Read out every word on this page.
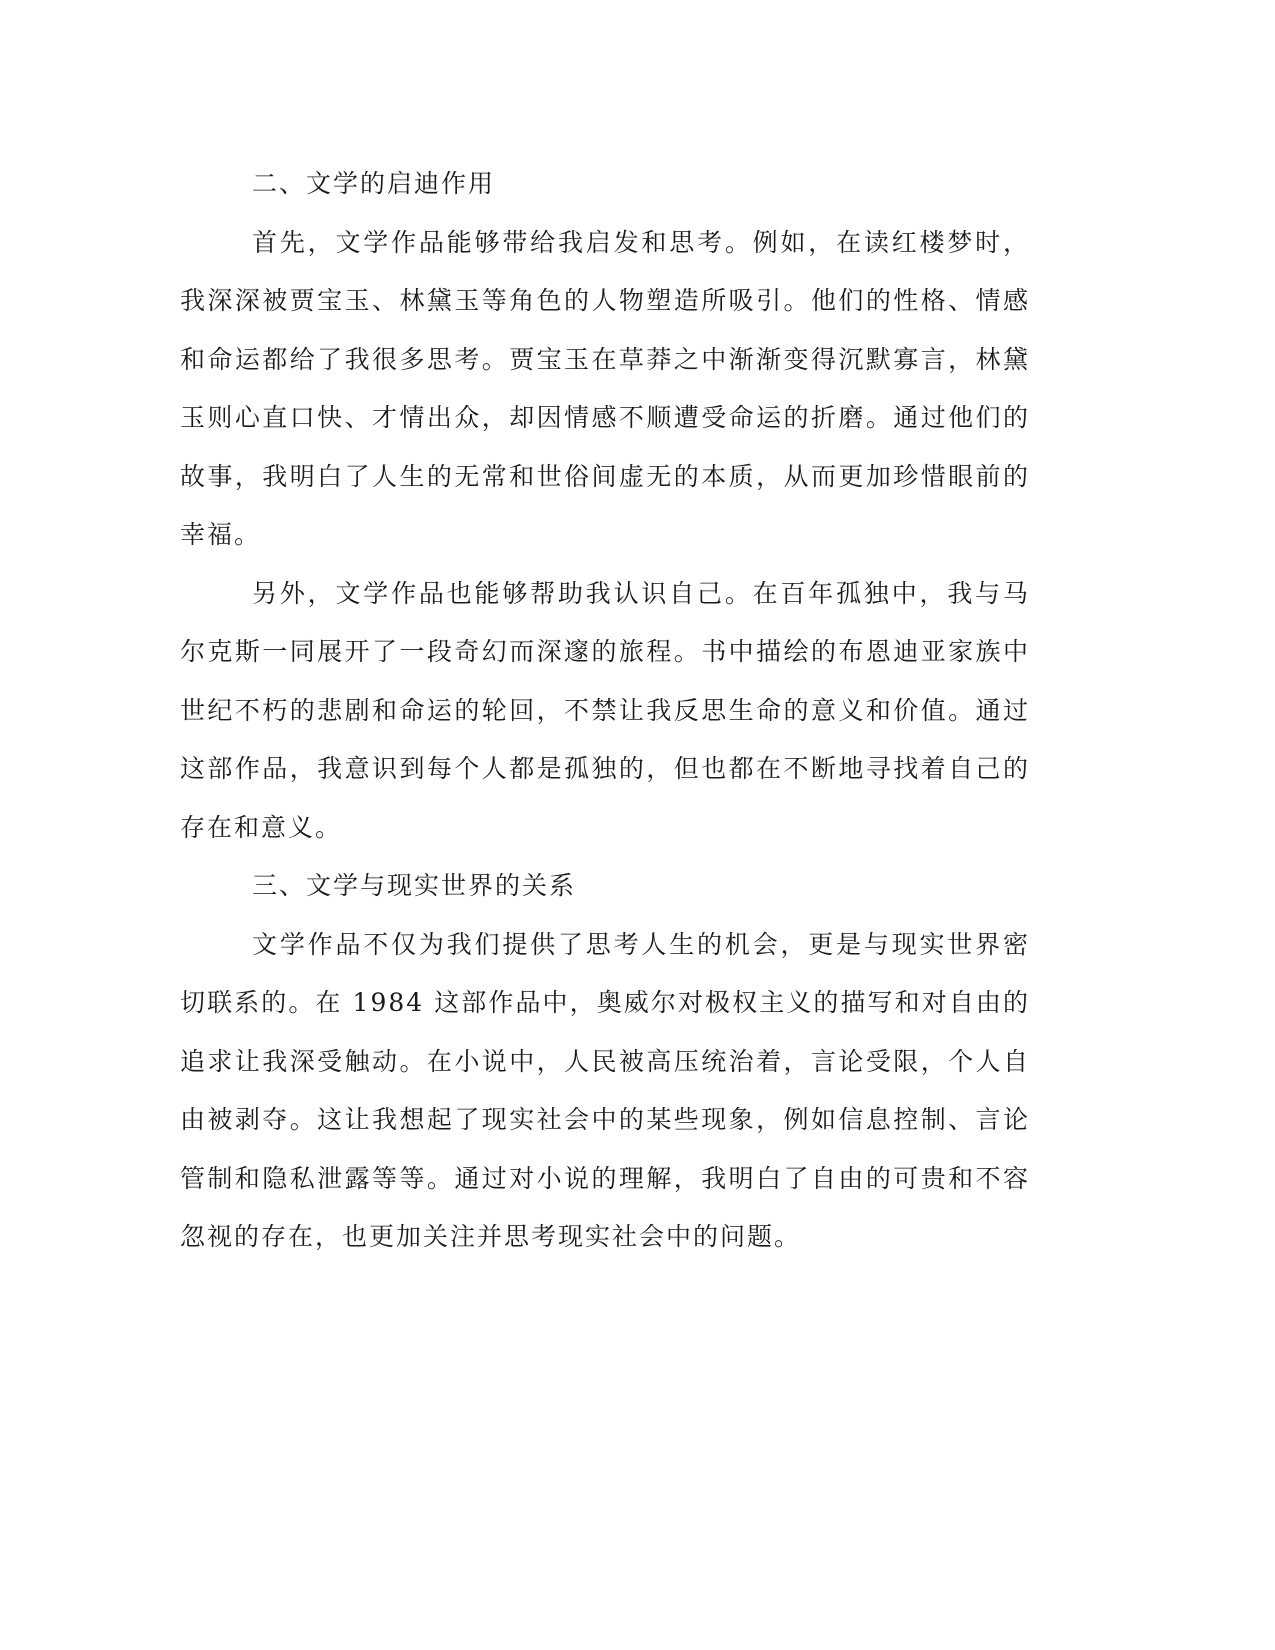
二、文学的启迪作用

首先，文学作品能够带给我启发和思考。例如，在读红楼梦时，我深深被贾宝玉、林黛玉等角色的人物塑造所吸引。他们的性格、情感和命运都给了我很多思考。贾宝玉在草莽之中渐渐变得沉默寡言，林黛玉则心直口快、才情出众，却因情感不顺遭受命运的折磨。通过他们的故事，我明白了人生的无常和世俗间虚无的本质，从而更加珍惜眼前的幸福。

另外，文学作品也能够帮助我认识自己。在百年孤独中，我与马尔克斯一同展开了一段奇幻而深邃的旅程。书中描绘的布恩迪亚家族中世纪不朽的悲剧和命运的轮回，不禁让我反思生命的意义和价值。通过这部作品，我意识到每个人都是孤独的，但也都在不断地寻找着自己的存在和意义。

三、文学与现实世界的关系

文学作品不仅为我们提供了思考人生的机会，更是与现实世界密切联系的。在 1984 这部作品中，奥威尔对极权主义的描写和对自由的追求让我深受触动。在小说中，人民被高压统治着，言论受限，个人自由被剥夺。这让我想起了现实社会中的某些现象，例如信息控制、言论管制和隐私泄露等等。通过对小说的理解，我明白了自由的可贵和不容忽视的存在，也更加关注并思考现实社会中的问题。
